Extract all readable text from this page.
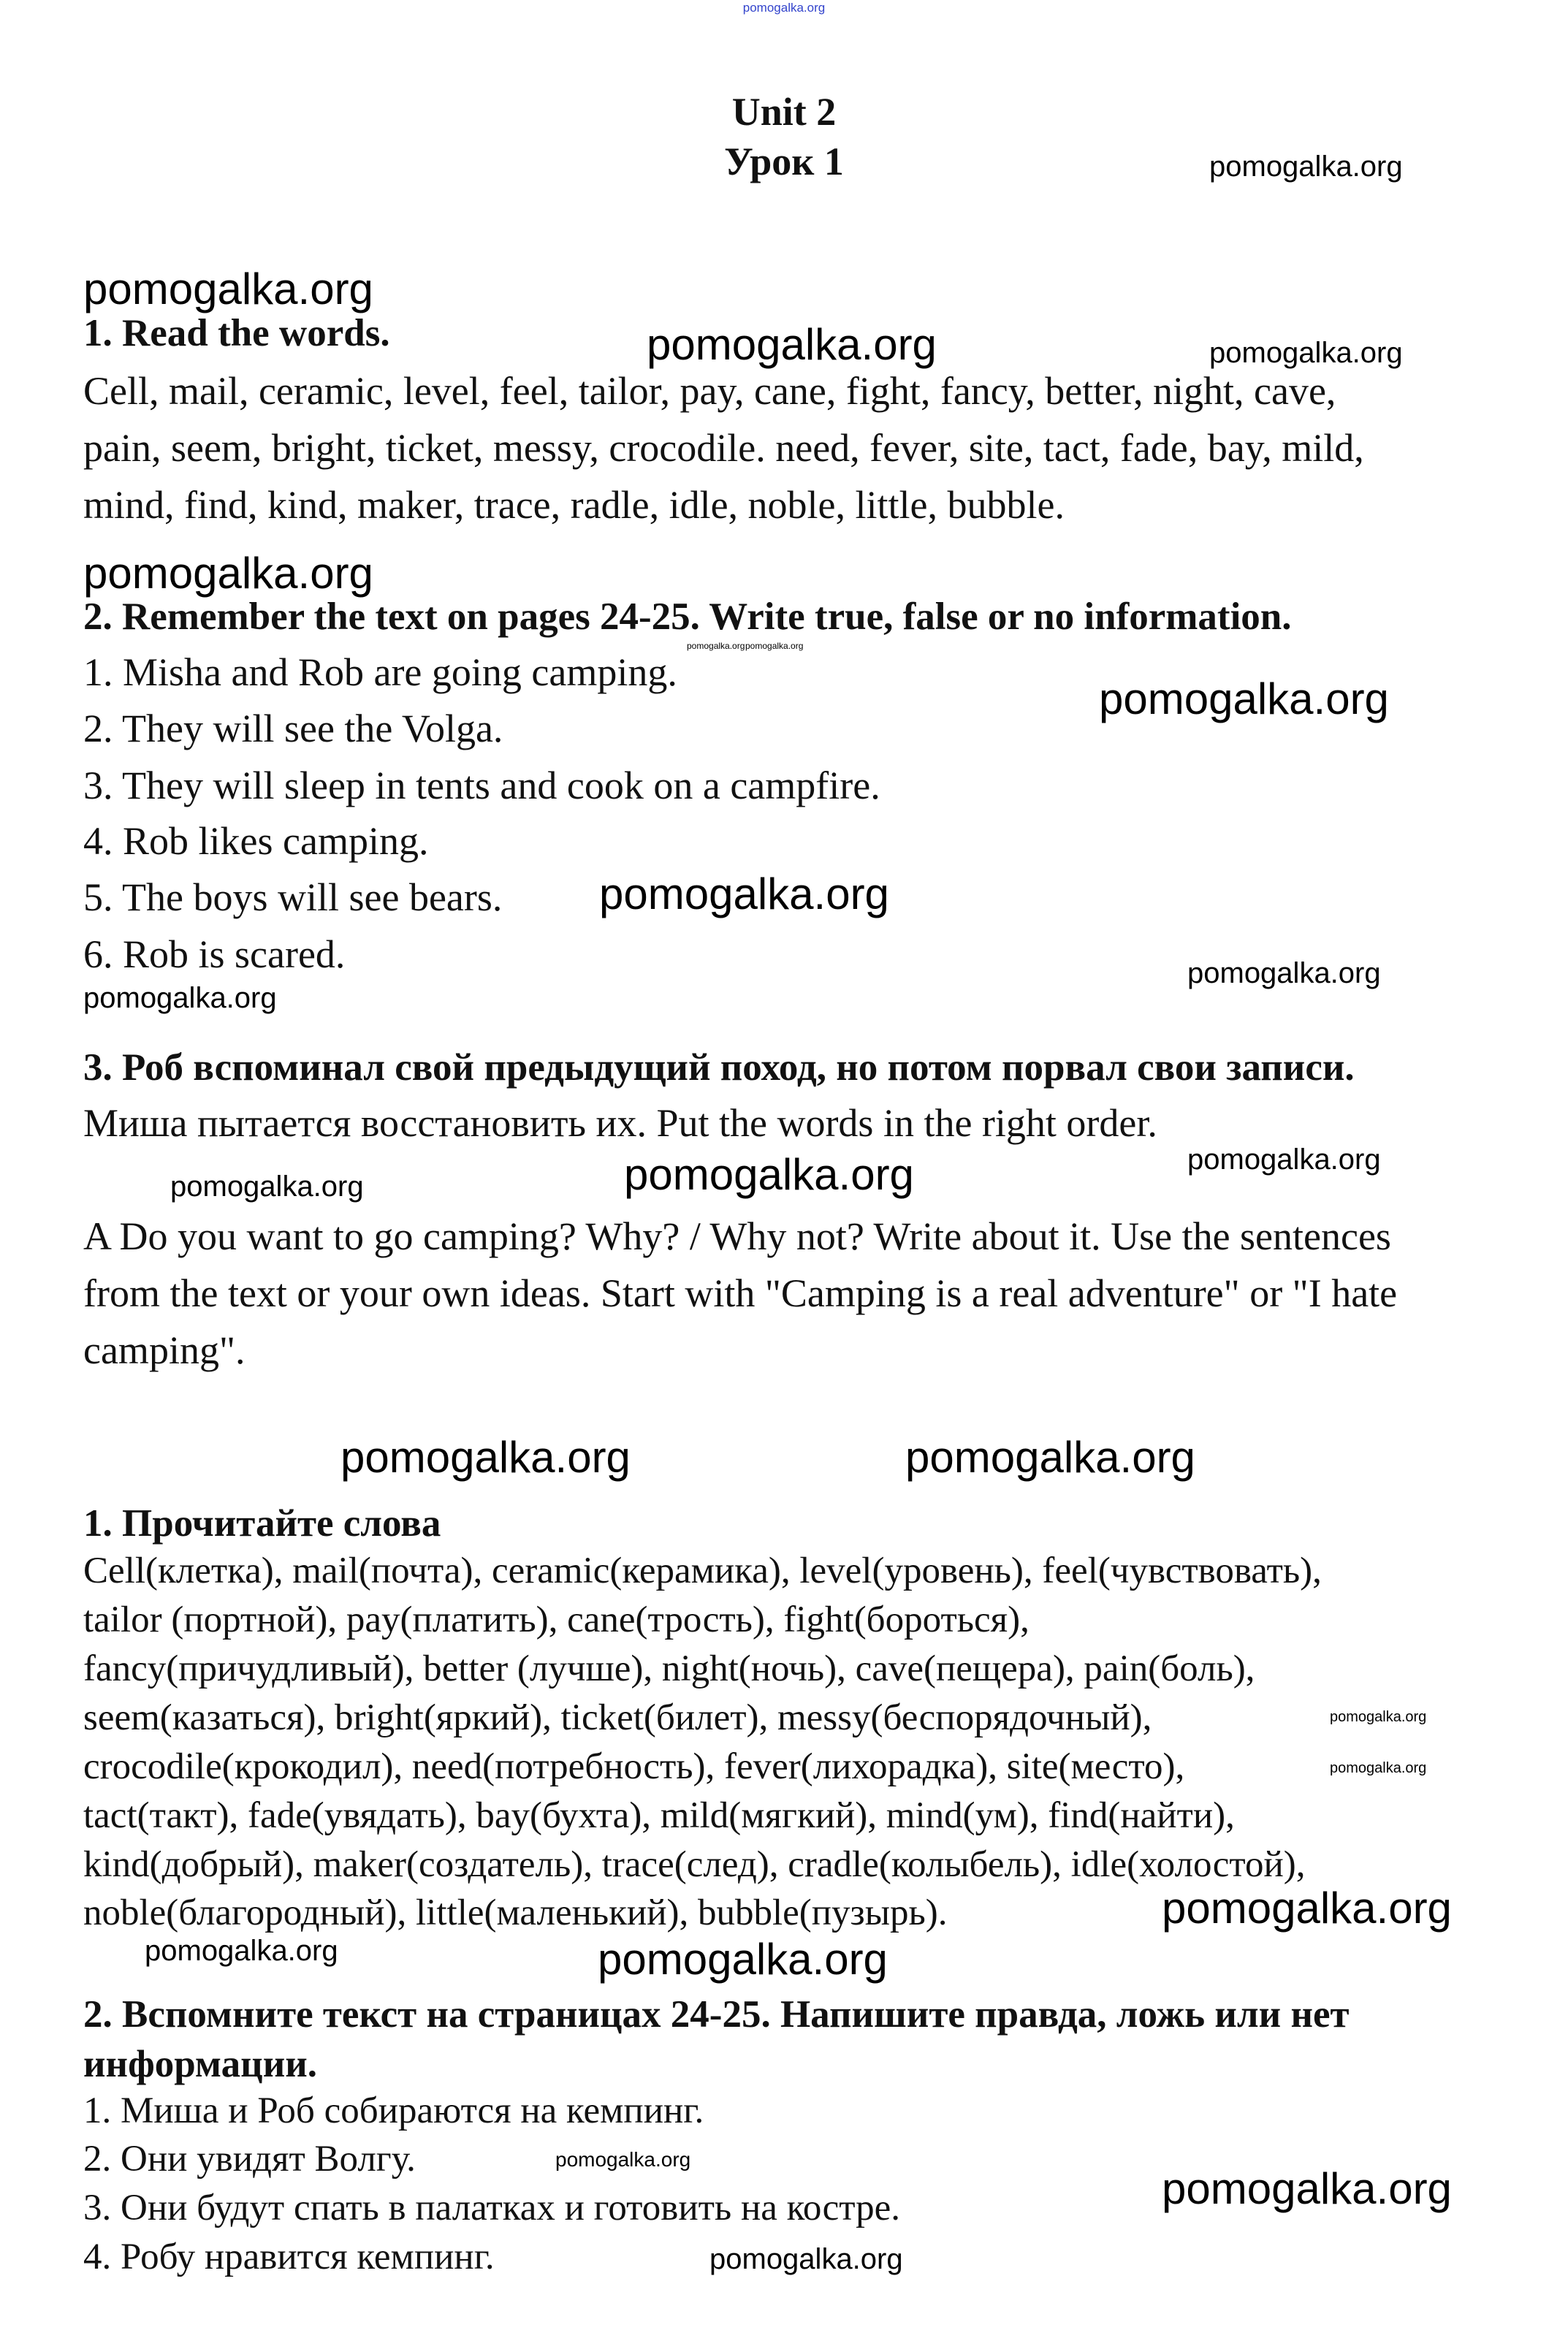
pomogalka.org
Unit 2
Урок 1
1. Read the words.
Cell, mail, ceramic, level, feel, tailor, pay, cane, fight, fancy, better, night, cave,
pain, seem, bright, ticket, messy, crocodile. need, fever, site, tact, fade, bay, mild,
mind, find, kind, maker, trace, radle, idle, noble, little, bubble.
2. Remember the text on pages 24-25. Write true, false or no information.
1. Misha and Rob are going camping.
2. They will see the Volga.
3. They will sleep in tents and cook on a campfire.
4. Rob likes camping.
5. The boys will see bears.
6. Rob is scared.
3. Роб вспоминал свой предыдущий поход, но потом порвал свои записи.
Миша пытается восстановить их. Put the words in the right order.
A Do you want to go camping? Why? / Why not? Write about it. Use the sentences
from the text or your own ideas. Start with "Camping is a real adventure" or "I hate
camping".
1. Прочитайте слова
Cell(клетка), mail(почта), ceramic(керамика), level(уровень), feel(чувствовать),
tailor (портной), pay(платить), cane(трость), fight(бороться),
fancy(причудливый), better (лучше), night(ночь), cave(пещера), pain(боль),
seem(казаться), bright(яркий), ticket(билет), messy(беспорядочный),
crocodile(крокодил), need(потребность), fever(лихорадка), site(место),
tact(такт), fade(увядать), bay(бухта), mild(мягкий), mind(ум), find(найти),
kind(добрый), maker(создатель), trace(след), cradle(колыбель), idle(холостой),
noble(благородный), little(маленький), bubble(пузырь).
2. Вспомните текст на страницах 24-25. Напишите правда, ложь или нет
информации.
1. Миша и Роб собираются на кемпинг.
2. Они увидят Волгу.
3. Они будут спать в палатках и готовить на костре.
4. Робу нравится кемпинг.
pomogalka.org
pomogalka.org
pomogalka.org	pomogalka.org
pomogalka.org
pomogalka.org pomogalka.org
pomogalka.org
pomogalka.org
pomogalka.org
pomogalka.org
pomogalka.org
pomogalka.org
pomogalka.org
pomogalka.org	pomogalka.org
pomogalka.org
pomogalka.org
pomogalka.org
pomogalka.org	pomogalka.org
pomogalka.org
pomogalka.org
pomogalka.org
